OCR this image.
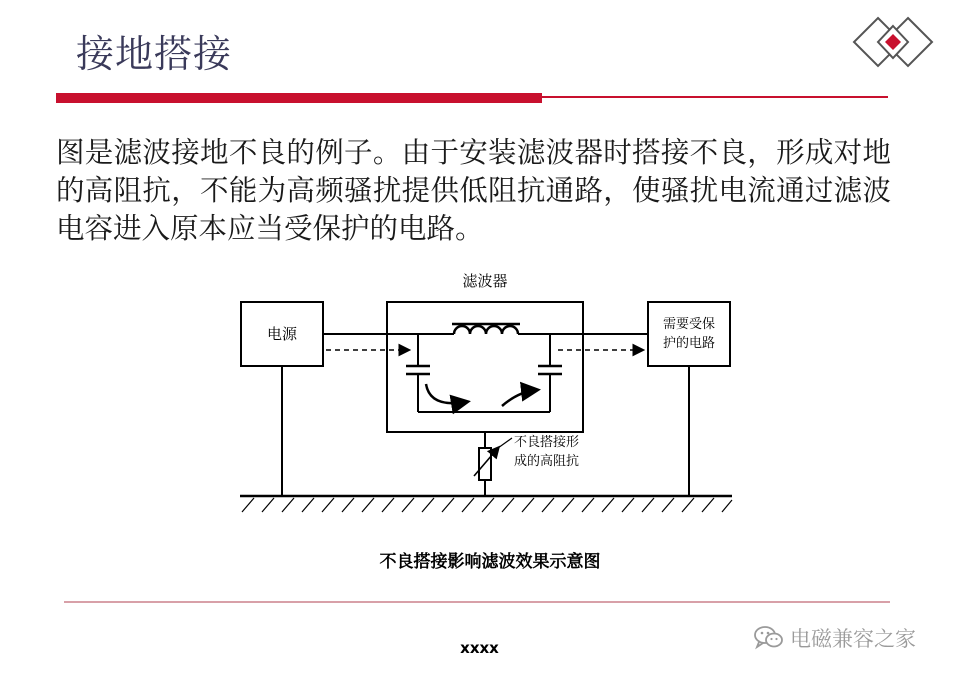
接地搭接

图是滤波接地不良的例子。由于安装滤波器时搭接不良，形成对地的高阻抗，不能为高频骚扰提供低阻抗通路，使骚扰电流通过滤波电容进入原本应当受保护的电路。

电源
滤波器
需要受保
护的电路
不良搭接形
成的高阻抗
不良搭接影响滤波效果示意图
xxxx	电磁兼容之家
